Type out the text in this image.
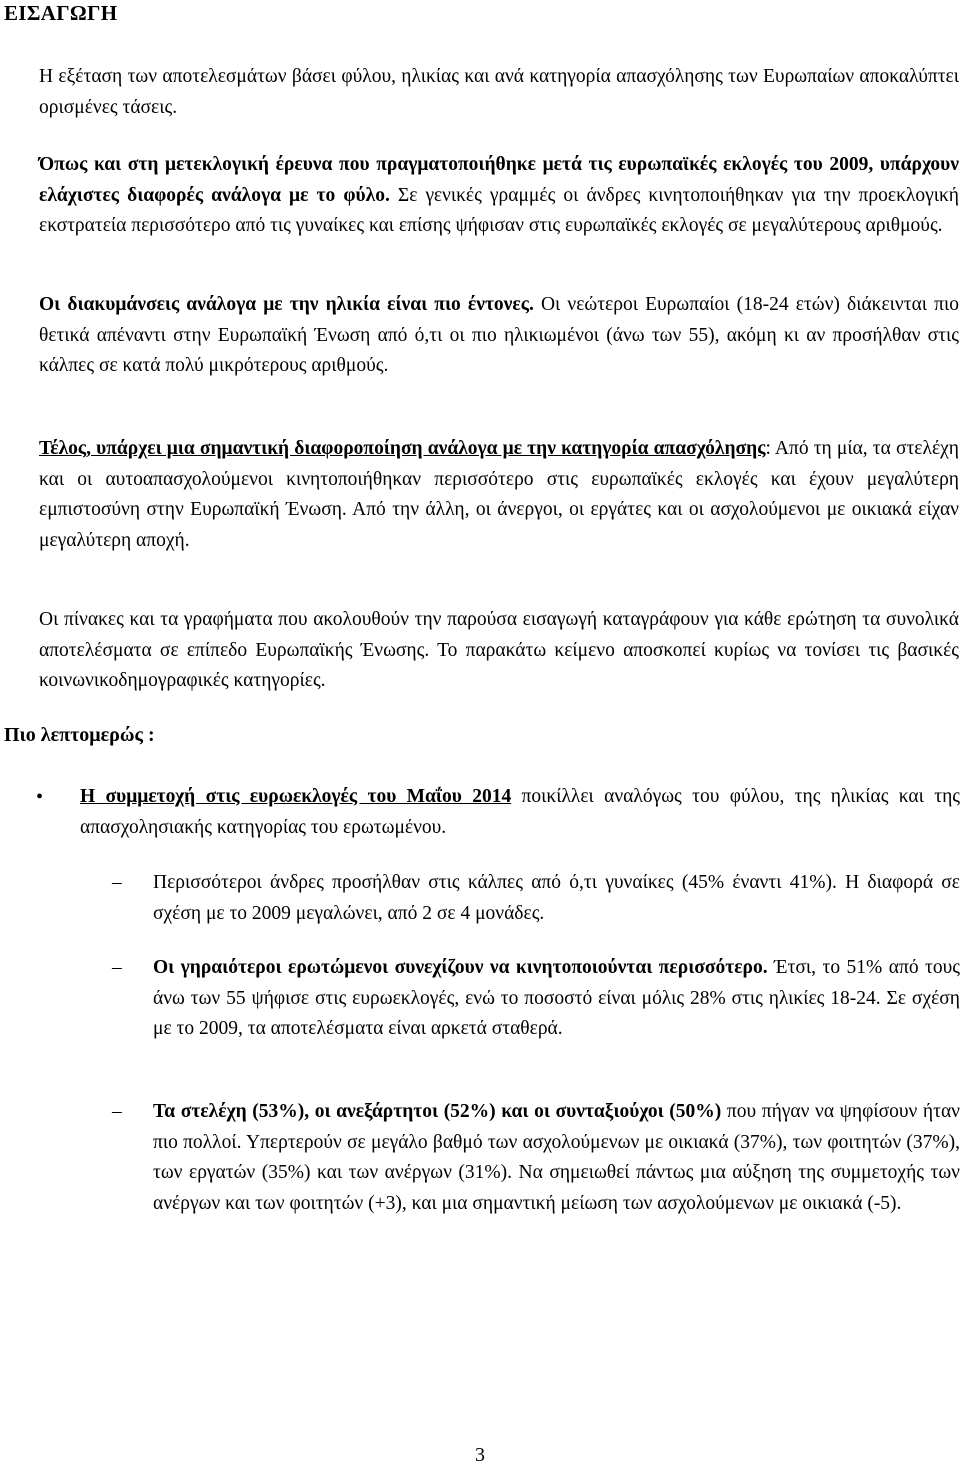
ΕΙΣΑΓΩΓΗ
Η εξέταση των αποτελεσμάτων βάσει φύλου, ηλικίας και ανά κατηγορία απασχόλησης των Ευρωπαίων αποκαλύπτει ορισμένες τάσεις.
Όπως και στη μετεκλογική έρευνα που πραγματοποιήθηκε μετά τις ευρωπαϊκές εκλογές του 2009, υπάρχουν ελάχιστες διαφορές ανάλογα με το φύλο. Σε γενικές γραμμές οι άνδρες κινητοποιήθηκαν για την προεκλογική εκστρατεία περισσότερο από τις γυναίκες και επίσης ψήφισαν στις ευρωπαϊκές εκλογές σε μεγαλύτερους αριθμούς.
Οι διακυμάνσεις ανάλογα με την ηλικία είναι πιο έντονες. Οι νεώτεροι Ευρωπαίοι (18-24 ετών) διάκεινται πιο θετικά απέναντι στην Ευρωπαϊκή Ένωση από ό,τι οι πιο ηλικιωμένοι (άνω των 55), ακόμη κι αν προσήλθαν στις κάλπες σε κατά πολύ μικρότερους αριθμούς.
Τέλος, υπάρχει μια σημαντική διαφοροποίηση ανάλογα με την κατηγορία απασχόλησης: Από τη μία, τα στελέχη και οι αυτοαπασχολούμενοι κινητοποιήθηκαν περισσότερο στις ευρωπαϊκές εκλογές και έχουν μεγαλύτερη εμπιστοσύνη στην Ευρωπαϊκή Ένωση. Από την άλλη, οι άνεργοι, οι εργάτες και οι ασχολούμενοι με οικιακά είχαν μεγαλύτερη αποχή.
Οι πίνακες και τα γραφήματα που ακολουθούν την παρούσα εισαγωγή καταγράφουν για κάθε ερώτηση τα συνολικά αποτελέσματα σε επίπεδο Ευρωπαϊκής Ένωσης. Το παρακάτω κείμενο αποσκοπεί κυρίως να τονίσει τις βασικές κοινωνικοδημογραφικές κατηγορίες.
Πιο λεπτομερώς :
• Η συμμετοχή στις ευρωεκλογές του Μαΐου 2014 ποικίλλει αναλόγως του φύλου, της ηλικίας και της απασχολησιακής κατηγορίας του ερωτωμένου.
– Περισσότεροι άνδρες προσήλθαν στις κάλπες από ό,τι γυναίκες (45% έναντι 41%). Η διαφορά σε σχέση με το 2009 μεγαλώνει, από 2 σε 4 μονάδες.
– Οι γηραιότεροι ερωτώμενοι συνεχίζουν να κινητοποιούνται περισσότερο. Έτσι, το 51% από τους άνω των 55 ψήφισε στις ευρωεκλογές, ενώ το ποσοστό είναι μόλις 28% στις ηλικίες 18-24. Σε σχέση με το 2009, τα αποτελέσματα είναι αρκετά σταθερά.
– Τα στελέχη (53%), οι ανεξάρτητοι (52%) και οι συνταξιούχοι (50%) που πήγαν να ψηφίσουν ήταν πιο πολλοί. Υπερτερούν σε μεγάλο βαθμό των ασχολούμενων με οικιακά (37%), των φοιτητών (37%), των εργατών (35%) και των ανέργων (31%). Να σημειωθεί πάντως μια αύξηση της συμμετοχής των ανέργων και των φοιτητών (+3), και μια σημαντική μείωση των ασχολούμενων με οικιακά (-5).
3
